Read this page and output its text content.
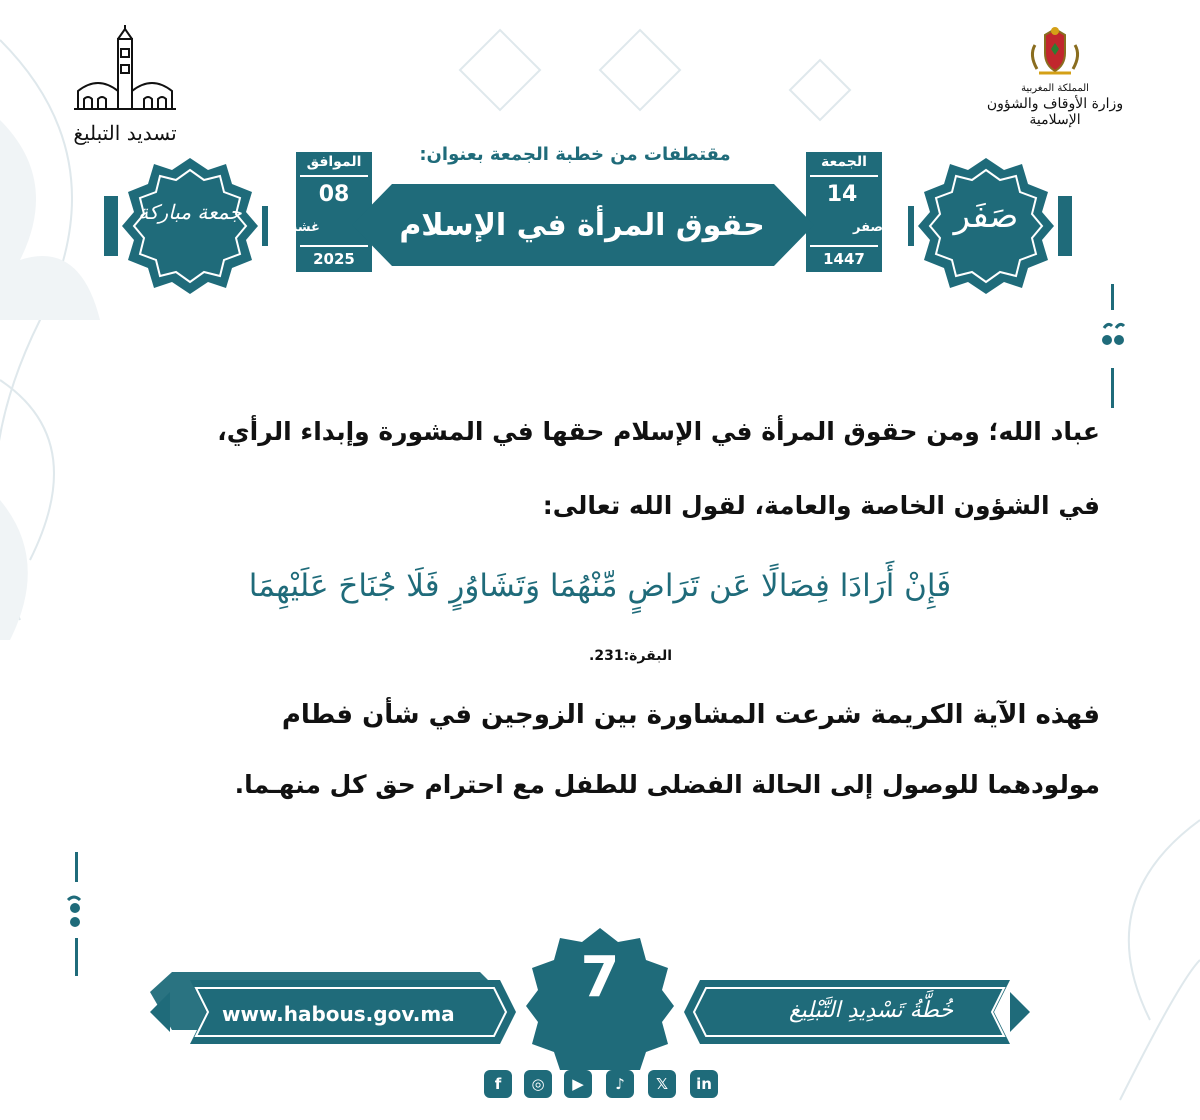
تسديد التبليغ
المملكة المغربية
وزارة الأوقاف والشؤون الإسلامية
مقتطفات من خطبة الجمعة بعنوان:
جمعة مباركة	صَفَر
الموافق
08
غشت
2025
حقوق المرأة في الإسلام
الجمعة
14
صفر
1447
عباد الله؛ ومن حقوق المرأة في الإسلام حقها في المشورة وإبداء الرأي،
في الشؤون الخاصة والعامة، لقول الله تعالى:
فَإِنْ أَرَادَا فِصَالًا عَن تَرَاضٍ مِّنْهُمَا وَتَشَاوُرٍ فَلَا جُنَاحَ عَلَيْهِمَا
البقرة:231.
فهذه الآية الكريمة شرعت المشاورة بين الزوجين في شأن فطام
مولودهما للوصول إلى الحالة الفضلى للطفل مع احترام حق كل منهـما.
www.habous.gov.ma
7
خُطَّةُ تَسْدِيدِ التَّبْلِيغ
f	◎	▶	♪	𝕏	in
